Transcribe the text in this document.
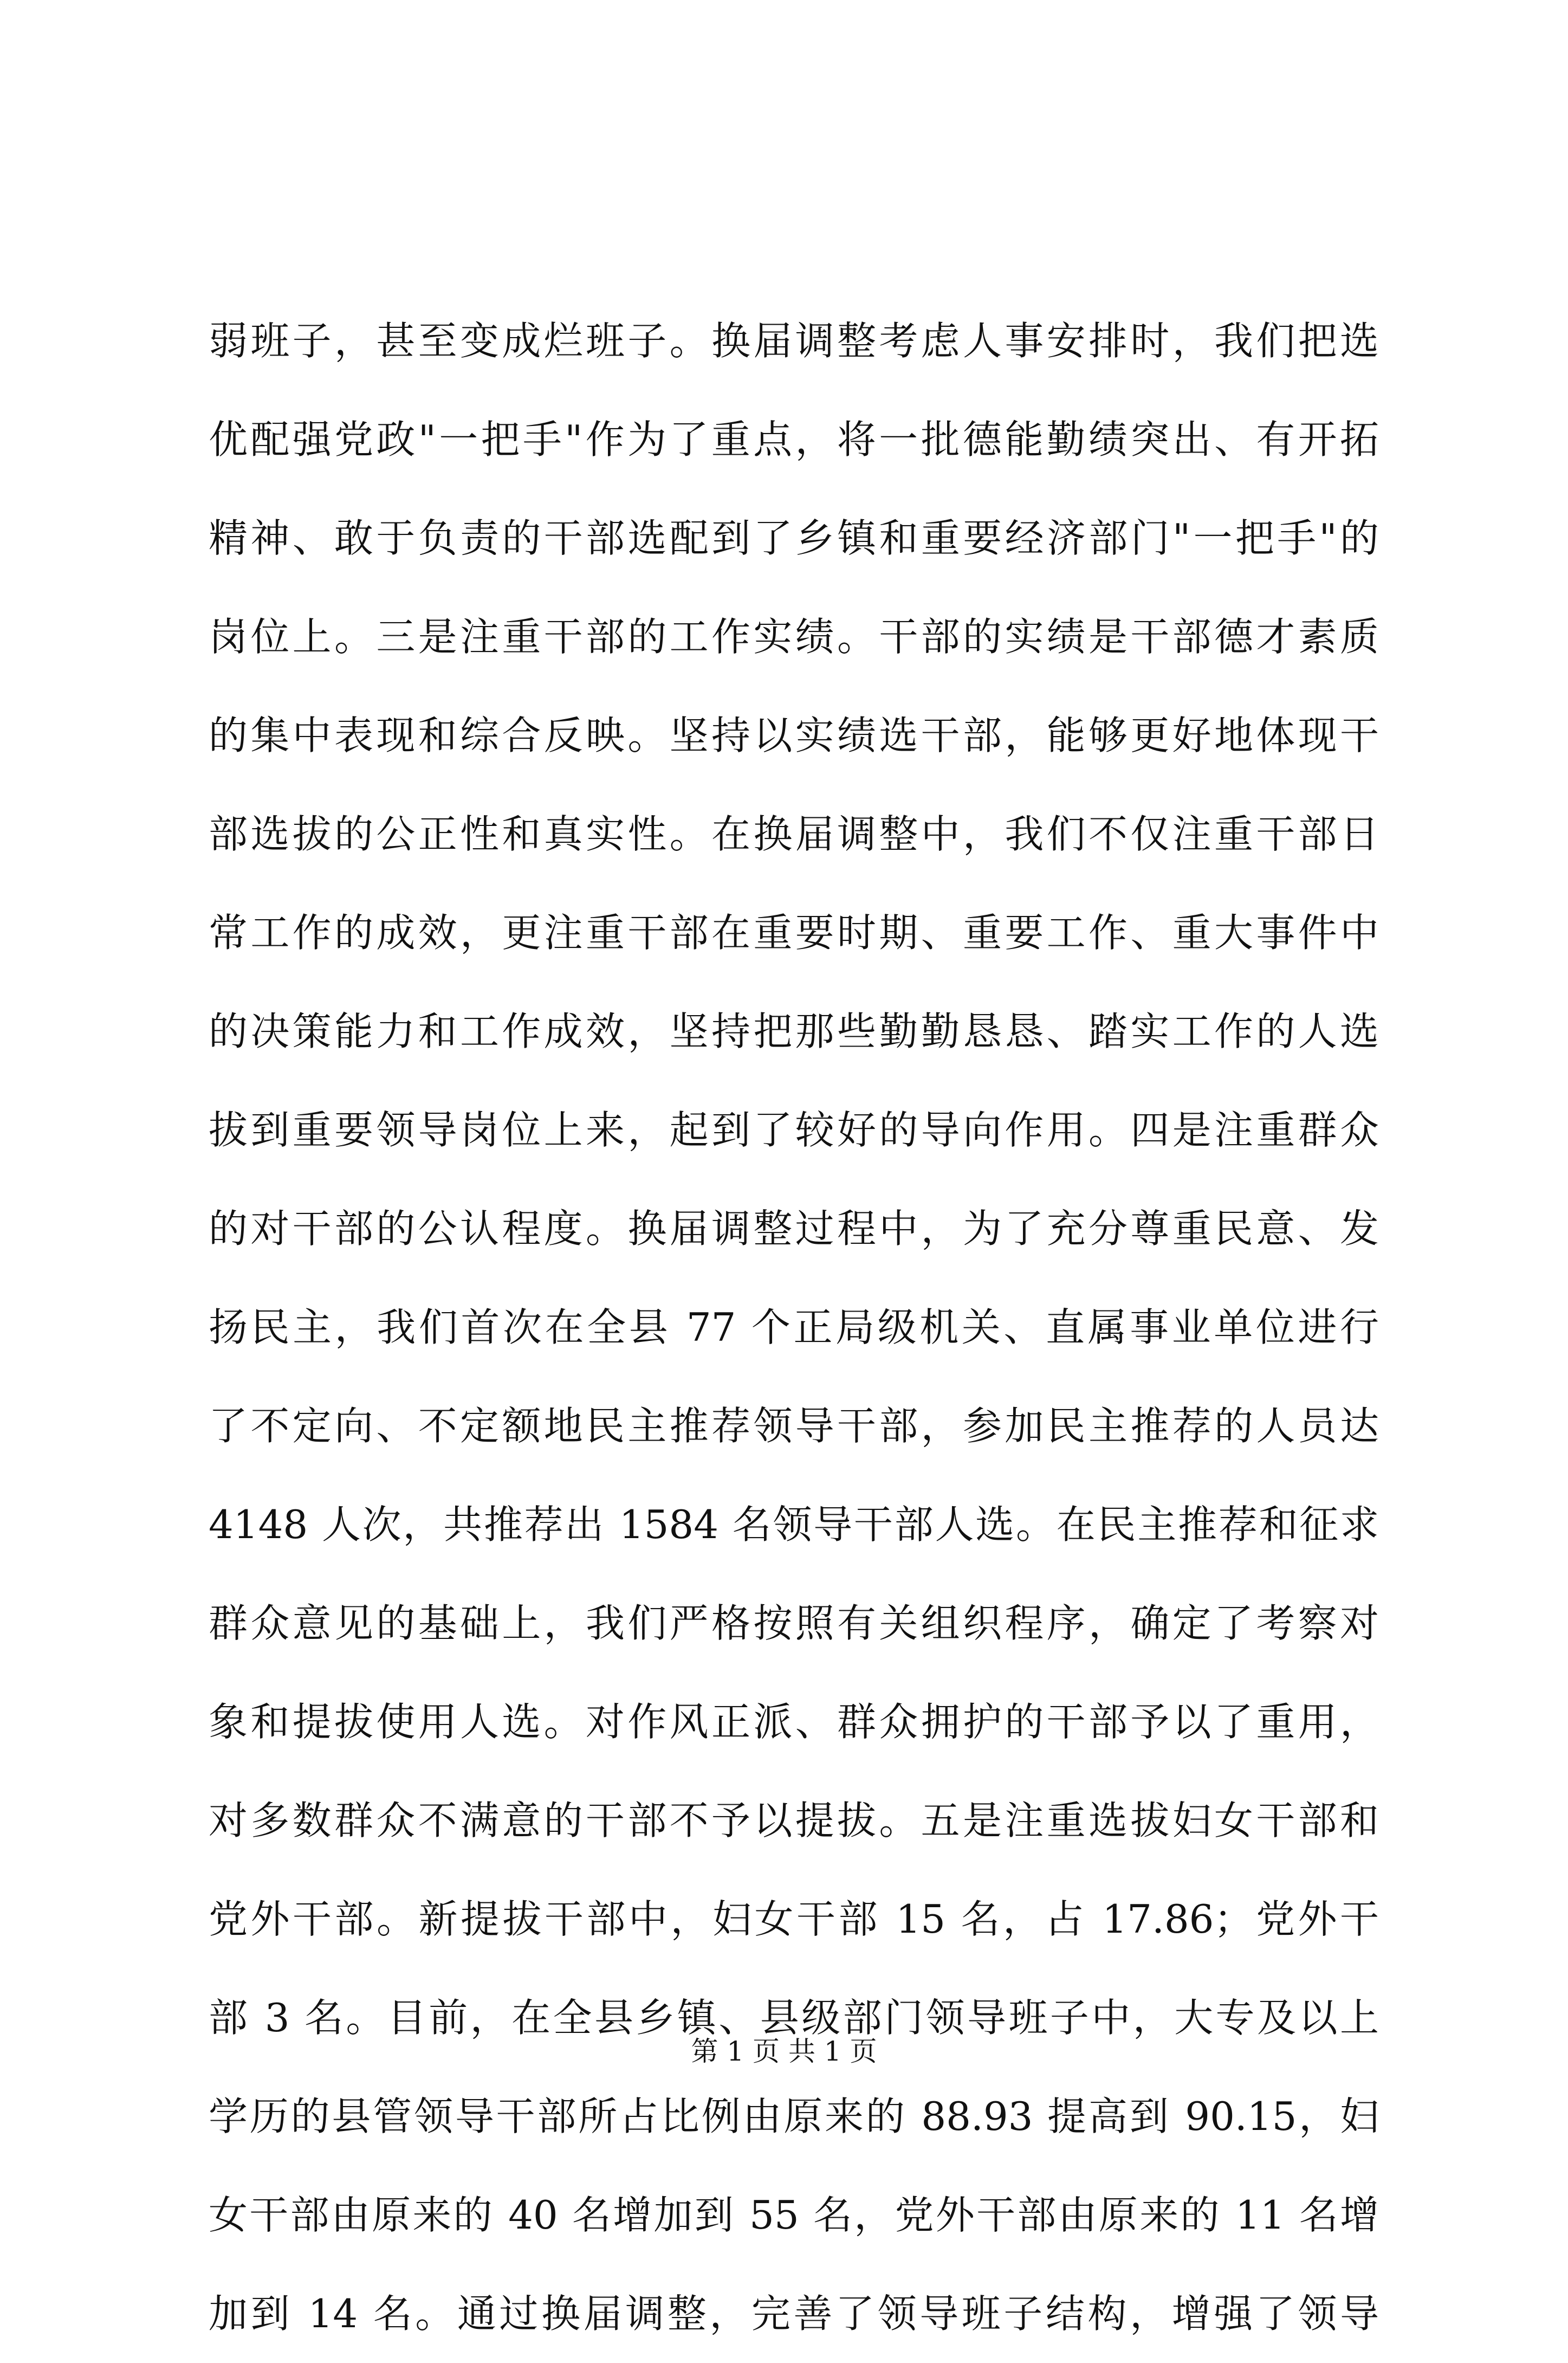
弱班子，甚至变成烂班子。换届调整考虑人事安排时，我们把选
优配强党政"一把手"作为了重点，将一批德能勤绩突出、有开拓
精神、敢于负责的干部选配到了乡镇和重要经济部门"一把手"的
岗位上。三是注重干部的工作实绩。干部的实绩是干部德才素质
的集中表现和综合反映。坚持以实绩选干部，能够更好地体现干
部选拔的公正性和真实性。在换届调整中，我们不仅注重干部日
常工作的成效，更注重干部在重要时期、重要工作、重大事件中
的决策能力和工作成效，坚持把那些勤勤恳恳、踏实工作的人选
拔到重要领导岗位上来，起到了较好的导向作用。四是注重群众
的对干部的公认程度。换届调整过程中，为了充分尊重民意、发
扬民主，我们首次在全县 77 个正局级机关、直属事业单位进行
了不定向、不定额地民主推荐领导干部，参加民主推荐的人员达
4148 人次，共推荐出 1584 名领导干部人选。在民主推荐和征求
群众意见的基础上，我们严格按照有关组织程序，确定了考察对
象和提拔使用人选。对作风正派、群众拥护的干部予以了重用，
对多数群众不满意的干部不予以提拔。五是注重选拔妇女干部和
党外干部。新提拔干部中，妇女干部 15 名，占 17.86；党外干
部 3 名。目前，在全县乡镇、县级部门领导班子中，大专及以上
学历的县管领导干部所占比例由原来的 88.93 提高到 90.15，妇
女干部由原来的 40 名增加到 55 名，党外干部由原来的 11 名增
加到 14 名。通过换届调整，完善了领导班子结构，增强了领导
第 1 页 共 1 页
